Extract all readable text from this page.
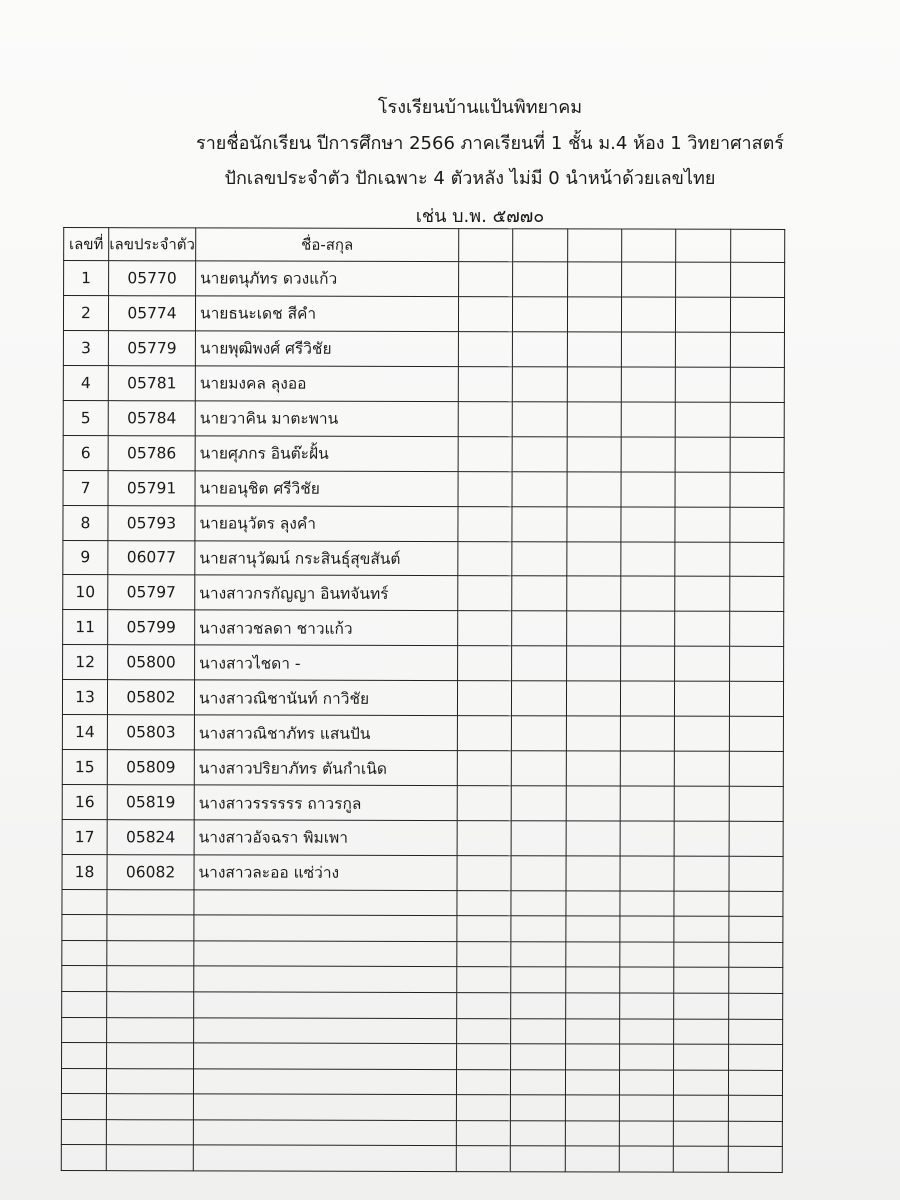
โรงเรียนบ้านแป้นพิทยาคม
รายชื่อนักเรียน ปีการศึกษา 2566 ภาคเรียนที่ 1 ชั้น ม.4 ห้อง 1 วิทยาศาสตร์
ปักเลขประจำตัว ปักเฉพาะ 4 ตัวหลัง ไม่มี 0 นำหน้าด้วยเลขไทย
เช่น บ.พ. ๕๗๗๐
เลขที่	เลขประจำตัว	ชื่อ-สกุล						
1	05770	นายตนุภัทร ดวงแก้ว						
2	05774	นายธนะเดช สีคำ						
3	05779	นายพุฒิพงศ์ ศรีวิชัย						
4	05781	นายมงคล ลุงออ						
5	05784	นายวาคิน มาตะพาน						
6	05786	นายศุภกร อินต๊ะฝั้น						
7	05791	นายอนุชิต ศรีวิชัย						
8	05793	นายอนุวัตร ลุงคำ						
9	06077	นายสานุวัฒน์ กระสินธุ์สุขสันต์						
10	05797	นางสาวกรกัญญา อินทจันทร์						
11	05799	นางสาวชลดา ชาวแก้ว						
12	05800	นางสาวไชดา -						
13	05802	นางสาวณิชานันท์ กาวิชัย						
14	05803	นางสาวณิชาภัทร แสนปัน						
15	05809	นางสาวปริยาภัทร ตันกำเนิด						
16	05819	นางสาวรรรรรร ถาวรกูล						
17	05824	นางสาวอัจฉรา พิมเพา						
18	06082	นางสาวละออ แซ่ว่าง						
